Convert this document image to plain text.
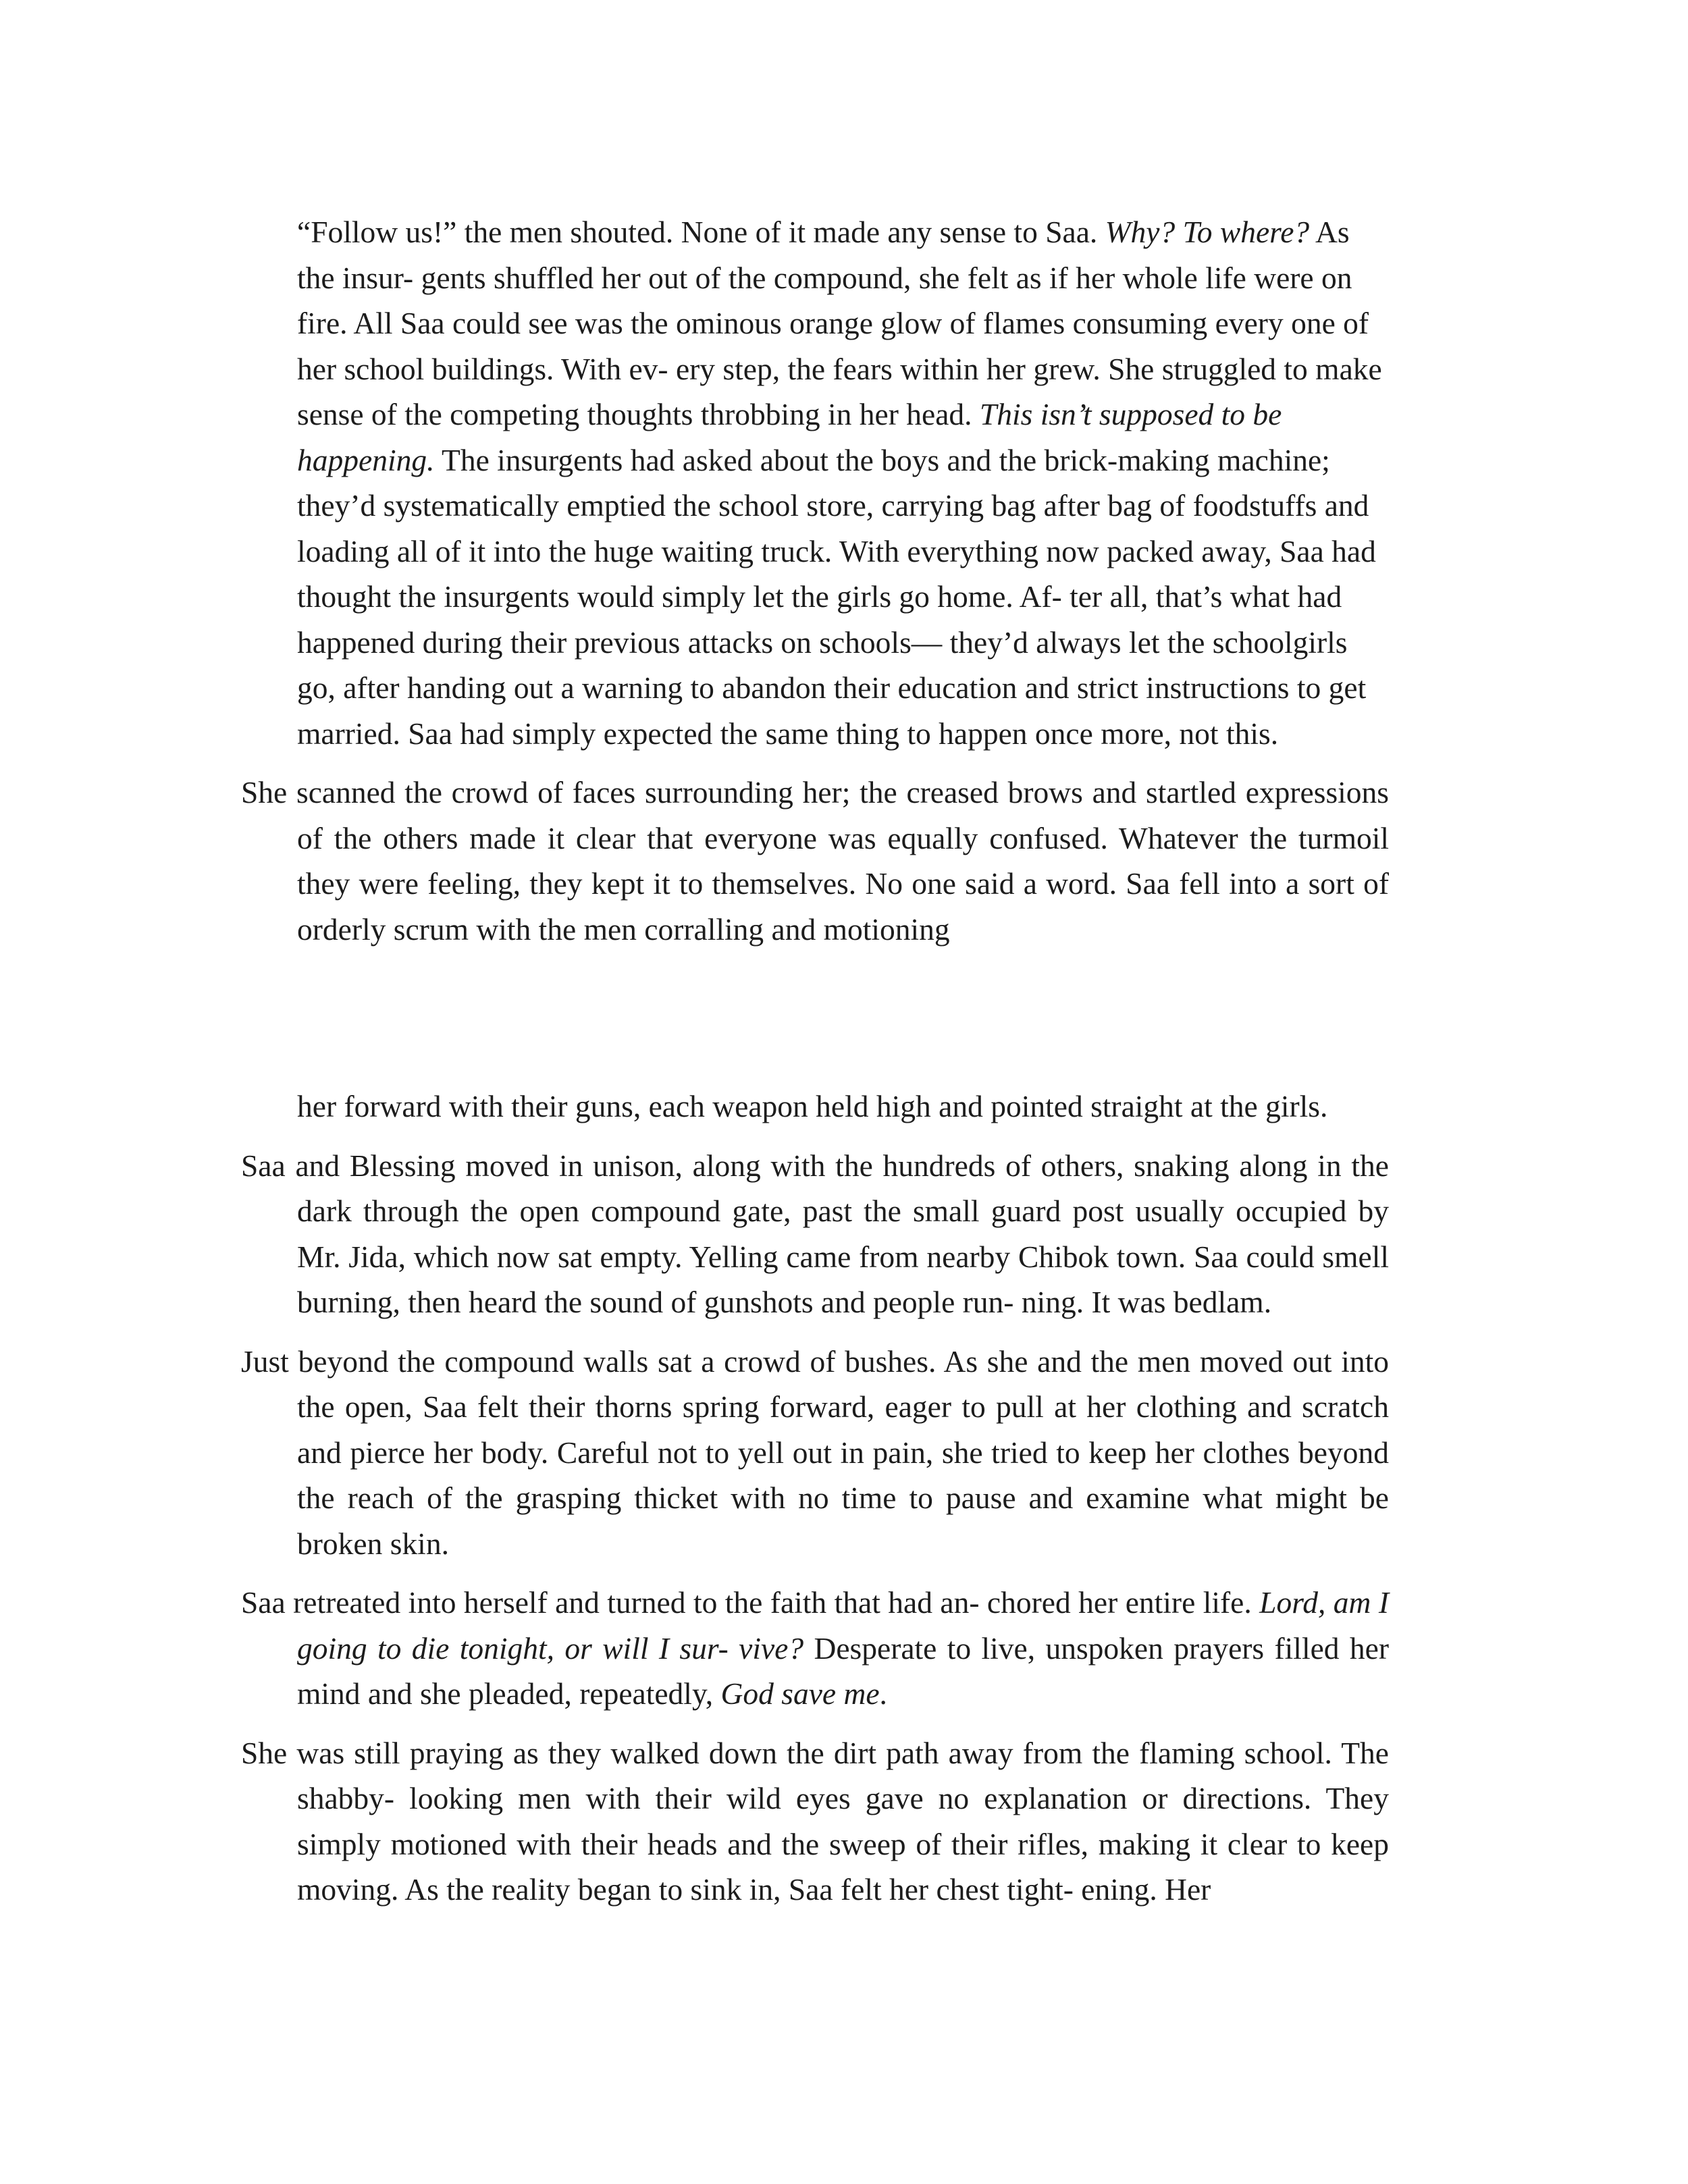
“Follow us!” the men shouted. None of it made any sense to Saa. Why? To where? As the insur- gents shuffled her out of the compound, she felt as if her whole life were on fire. All Saa could see was the ominous orange glow of flames consuming every one of her school buildings. With ev- ery step, the fears within her grew. She struggled to make sense of the competing thoughts throbbing in her head. This isn’t supposed to be happening. The insurgents had asked about the boys and the brick-making machine; they’d systematically emptied the school store, carrying bag after bag of foodstuffs and loading all of it into the huge waiting truck. With everything now packed away, Saa had thought the insurgents would simply let the girls go home. Af- ter all, that’s what had happened during their previous attacks on schools— they’d always let the schoolgirls go, after handing out a warning to abandon their education and strict instructions to get married. Saa had simply expected the same thing to happen once more, not this.

She scanned the crowd of faces surrounding her; the creased brows and startled expressions of the others made it clear that everyone was equally confused. Whatever the turmoil they were feeling, they kept it to themselves. No one said a word. Saa fell into a sort of orderly scrum with the men corralling and motioning

her forward with their guns, each weapon held high and pointed straight at the girls.

Saa and Blessing moved in unison, along with the hundreds of others, snaking along in the dark through the open compound gate, past the small guard post usually occupied by Mr. Jida, which now sat empty. Yelling came from nearby Chibok town. Saa could smell burning, then heard the sound of gunshots and people run- ning. It was bedlam.

Just beyond the compound walls sat a crowd of bushes. As she and the men moved out into the open, Saa felt their thorns spring forward, eager to pull at her clothing and scratch and pierce her body. Careful not to yell out in pain, she tried to keep her clothes beyond the reach of the grasping thicket with no time to pause and examine what might be broken skin.

Saa retreated into herself and turned to the faith that had an- chored her entire life. Lord, am I going to die tonight, or will I sur- vive? Desperate to live, unspoken prayers filled her mind and she pleaded, repeatedly, God save me.

She was still praying as they walked down the dirt path away from the flaming school. The shabby- looking men with their wild eyes gave no explanation or directions. They simply motioned with their heads and the sweep of their rifles, making it clear to keep moving. As the reality began to sink in, Saa felt her chest tight- ening. Her
